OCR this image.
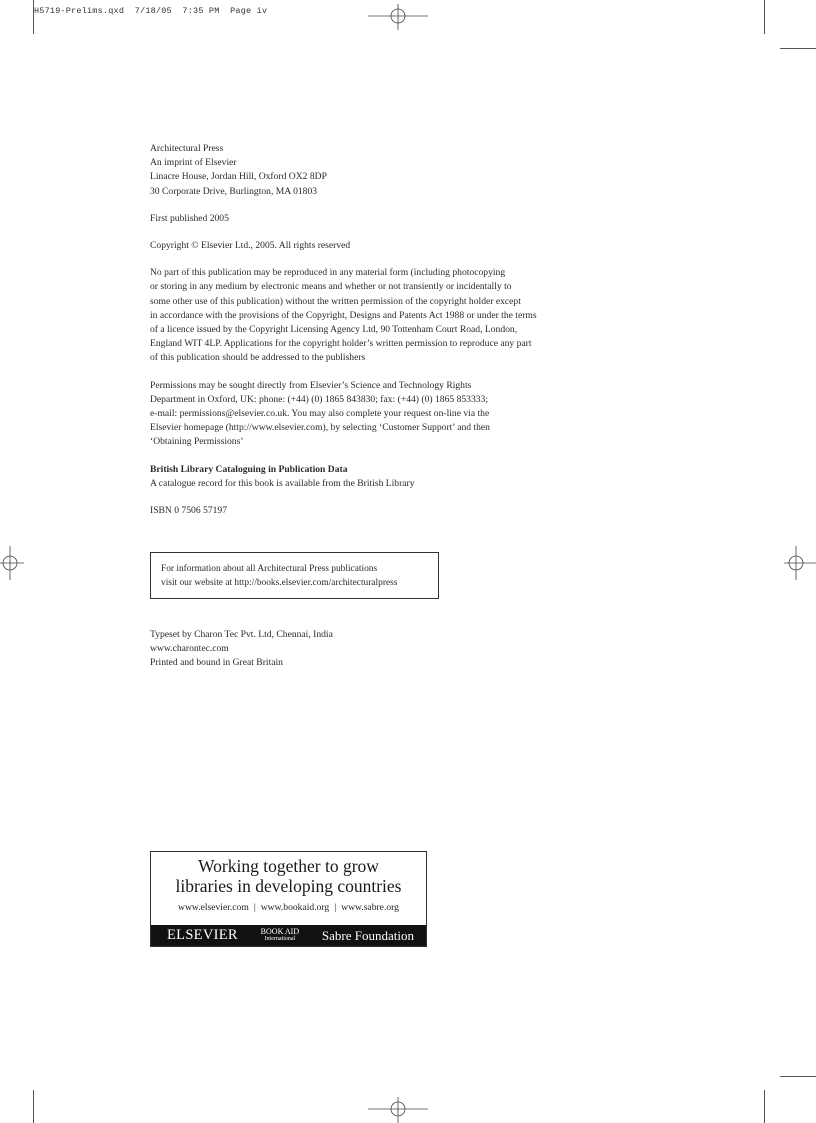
H5719-Prelims.qxd  7/18/05  7:35 PM  Page iv

Architectural Press
An imprint of Elsevier
Linacre House, Jordan Hill, Oxford OX2 8DP
30 Corporate Drive, Burlington, MA 01803

First published 2005

Copyright © Elsevier Ltd., 2005. All rights reserved

No part of this publication may be reproduced in any material form (including photocopying
or storing in any medium by electronic means and whether or not transiently or incidentally to
some other use of this publication) without the written permission of the copyright holder except
in accordance with the provisions of the Copyright, Designs and Patents Act 1988 or under the terms
of a licence issued by the Copyright Licensing Agency Ltd, 90 Tottenham Court Road, London,
England WIT 4LP. Applications for the copyright holder’s written permission to reproduce any part
of this publication should be addressed to the publishers

Permissions may be sought directly from Elsevier’s Science and Technology Rights
Department in Oxford, UK: phone: (+44) (0) 1865 843830; fax: (+44) (0) 1865 853333;
e-mail: permissions@elsevier.co.uk. You may also complete your request on-line via the
Elsevier homepage (http://www.elsevier.com), by selecting ‘Customer Support’ and then
‘Obtaining Permissions’

British Library Cataloguing in Publication Data
A catalogue record for this book is available from the British Library

ISBN 0 7506 57197

For information about all Architectural Press publications
visit our website at http://books.elsevier.com/architecturalpress
Typeset by Charon Tec Pvt. Ltd, Chennai, India
www.charontec.com
Printed and bound in Great Britain
Working together to grow
libraries in developing countries
www.elsevier.com | www.bookaid.org | www.sabre.org
ELSEVIER	BOOK AID
International	Sabre Foundation
